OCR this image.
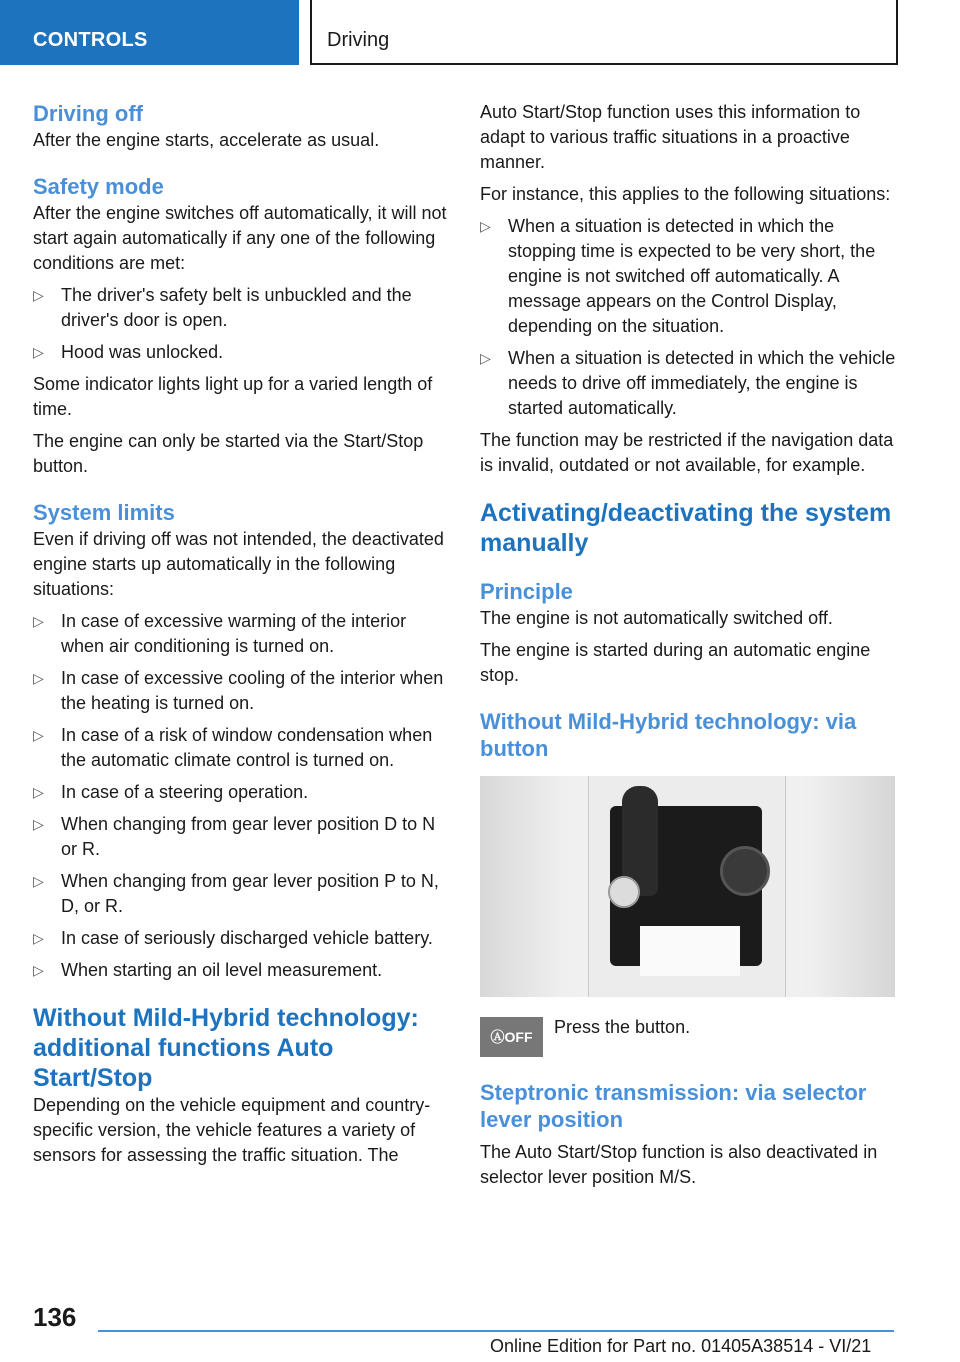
CONTROLS	Driving
Driving off

After the engine starts, accelerate as usual.

Safety mode

After the engine switches off automatically, it will not start again automatically if any one of the following conditions are met:

▷ The driver's safety belt is unbuckled and the driver's door is open.
▷ Hood was unlocked.

Some indicator lights light up for a varied length of time.

The engine can only be started via the Start/Stop button.

System limits

Even if driving off was not intended, the deactivated engine starts up automatically in the following situations:

▷ In case of excessive warming of the interior when air conditioning is turned on.
▷ In case of excessive cooling of the interior when the heating is turned on.
▷ In case of a risk of window condensation when the automatic climate control is turned on.
▷ In case of a steering operation.
▷ When changing from gear lever position D to N or R.
▷ When changing from gear lever position P to N, D, or R.
▷ In case of seriously discharged vehicle battery.
▷ When starting an oil level measurement.
Without Mild-Hybrid technology: additional functions Auto Start/Stop

Depending on the vehicle equipment and country-specific version, the vehicle features a variety of sensors for assessing the traffic situation. The

Auto Start/Stop function uses this information to adapt to various traffic situations in a proactive manner.

For instance, this applies to the following situations:

▷ When a situation is detected in which the stopping time is expected to be very short, the engine is not switched off automatically. A message appears on the Control Display, depending on the situation.
▷ When a situation is detected in which the vehicle needs to drive off immediately, the engine is started automatically.

The function may be restricted if the navigation data is invalid, outdated or not available, for example.

Activating/deactivating the system manually
Principle

The engine is not automatically switched off.

The engine is started during an automatic engine stop.

Without Mild-Hybrid technology: via button
ⒶOFF	Press the button.
Steptronic transmission: via selector lever position

The Auto Start/Stop function is also deactivated in selector lever position M/S.

136
Online Edition for Part no. 01405A38514 - VI/21
